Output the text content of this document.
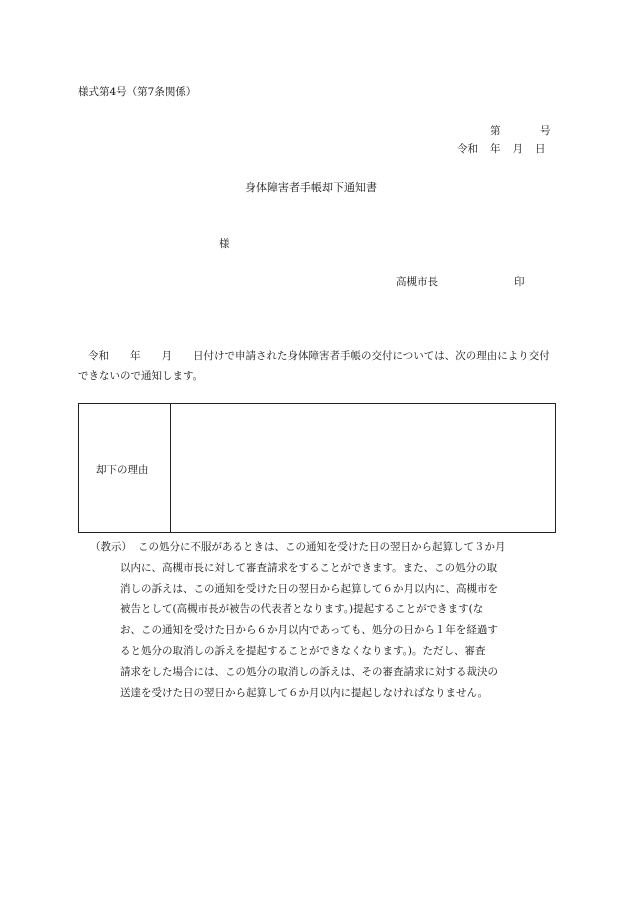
様式第4号（第7条関係）
第	号
令和 年 月 日
身体障害者手帳却下通知書
様
高槻市長	印
令和　　 年　　 月　　 日付けで申請された身体障害者手帳の交付については、次の理由により交付できないので通知します。
却下の理由
（教示） この処分に不服があるときは、この通知を受けた日の翌日から起算して３か月
以内に、高槻市長に対して審査請求をすることができます。また、この処分の取
消しの訴えは、この通知を受けた日の翌日から起算して６か月以内に、高槻市を
被告として(高槻市長が被告の代表者となります。)提起することができます(な
お、この通知を受けた日から６か月以内であっても、処分の日から１年を経過す
ると処分の取消しの訴えを提起することができなくなります。)。ただし、審査
請求をした場合には、この処分の取消しの訴えは、その審査請求に対する裁決の
送達を受けた日の翌日から起算して６か月以内に提起しなければなりません。
